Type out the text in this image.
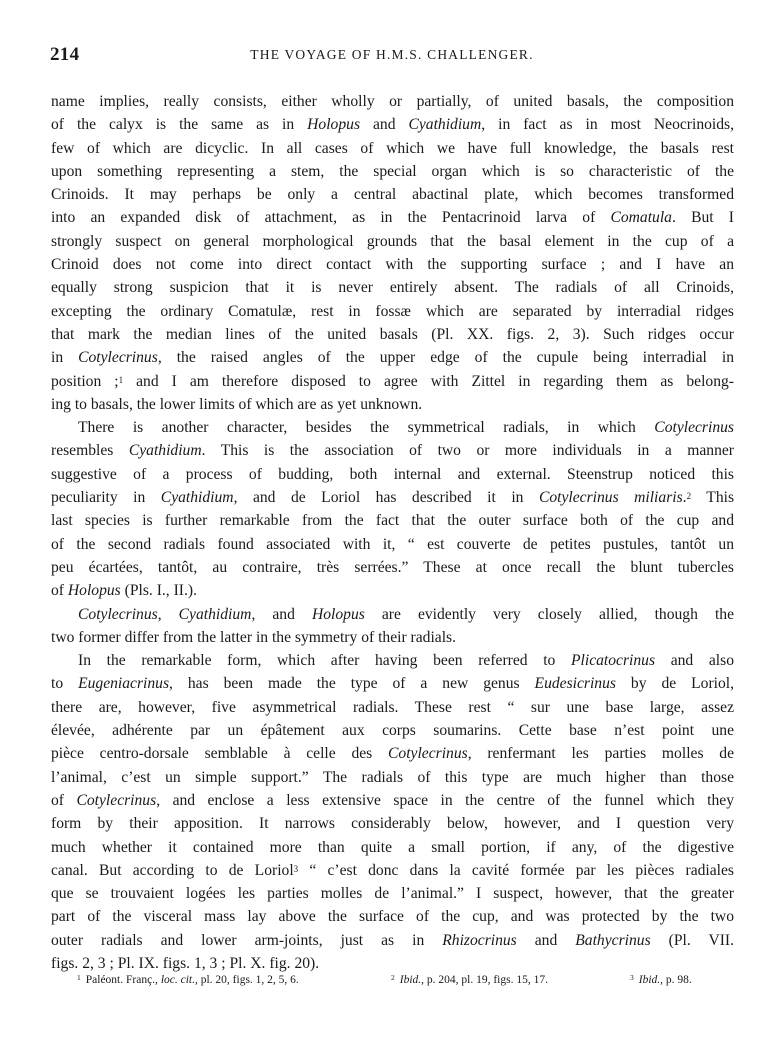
214	THE VOYAGE OF H.M.S. CHALLENGER.
name implies, really consists, either wholly or partially, of united basals, the composition
of the calyx is the same as in Holopus and Cyathidium, in fact as in most Neocrinoids,
few of which are dicyclic. In all cases of which we have full knowledge, the basals rest
upon something representing a stem, the special organ which is so characteristic of the
Crinoids. It may perhaps be only a central abactinal plate, which becomes transformed
into an expanded disk of attachment, as in the Pentacrinoid larva of Comatula. But I
strongly suspect on general morphological grounds that the basal element in the cup of a
Crinoid does not come into direct contact with the supporting surface ; and I have an
equally strong suspicion that it is never entirely absent. The radials of all Crinoids,
excepting the ordinary Comatulæ, rest in fossæ which are separated by interradial ridges
that mark the median lines of the united basals (Pl. XX. figs. 2, 3). Such ridges occur
in Cotylecrinus, the raised angles of the upper edge of the cupule being interradial in
position ;$^1$ and I am therefore disposed to agree with Zittel in regarding them as belong-
ing to basals, the lower limits of which are as yet unknown.
There is another character, besides the symmetrical radials, in which Cotylecrinus
resembles Cyathidium. This is the association of two or more individuals in a manner
suggestive of a process of budding, both internal and external. Steenstrup noticed this
peculiarity in Cyathidium, and de Loriol has described it in Cotylecrinus miliaris.$^2$ This
last species is further remarkable from the fact that the outer surface both of the cup and
of the second radials found associated with it, “ est couverte de petites pustules, tantôt un
peu écartées, tantôt, au contraire, très serrées.” These at once recall the blunt tubercles
of Holopus (Pls. I., II.).
Cotylecrinus, Cyathidium, and Holopus are evidently very closely allied, though the
two former differ from the latter in the symmetry of their radials.
In the remarkable form, which after having been referred to Plicatocrinus and also
to Eugeniacrinus, has been made the type of a new genus Eudesicrinus by de Loriol,
there are, however, five asymmetrical radials. These rest “ sur une base large, assez
élevée, adhérente par un épâtement aux corps soumarins. Cette base n’est point une
pièce centro-dorsale semblable à celle des Cotylecrinus, renfermant les parties molles de
l’animal, c’est un simple support.” The radials of this type are much higher than those
of Cotylecrinus, and enclose a less extensive space in the centre of the funnel which they
form by their apposition. It narrows considerably below, however, and I question very
much whether it contained more than quite a small portion, if any, of the digestive
canal. But according to de Loriol$^3$ “ c’est donc dans la cavité formée par les pièces radiales
que se trouvaient logées les parties molles de l’animal.” I suspect, however, that the greater
part of the visceral mass lay above the surface of the cup, and was protected by the two
outer radials and lower arm-joints, just as in Rhizocrinus and Bathycrinus (Pl. VII.
figs. 2, 3 ; Pl. IX. figs. 1, 3 ; Pl. X. fig. 20).
$^1$ Paléont. Franç., loc. cit., pl. 20, figs. 1, 2, 5, 6.	$^2$ Ibid., p. 204, pl. 19, figs. 15, 17.	$^3$ Ibid., p. 98.
